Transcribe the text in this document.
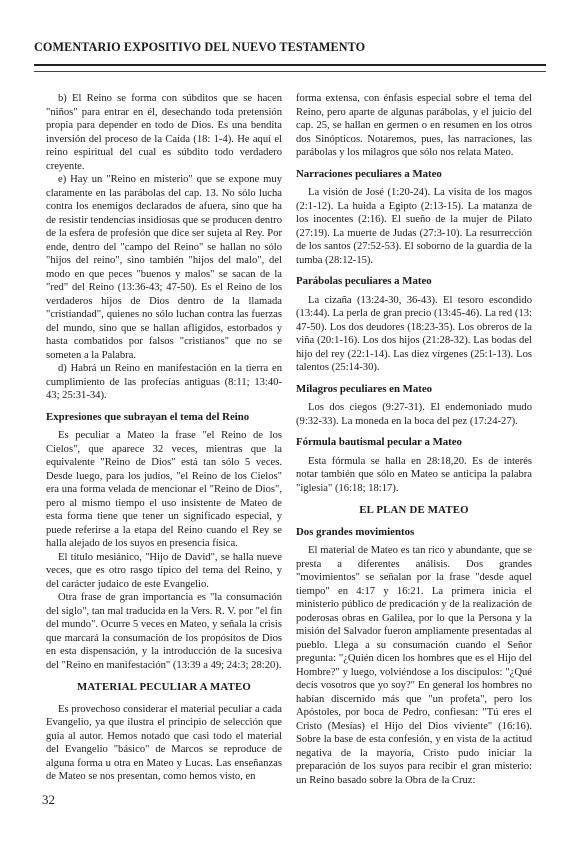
COMENTARIO EXPOSITIVO DEL NUEVO TESTAMENTO

b) El Reino se forma con súbditos que se hacen "niños" para entrar en él, desechando toda pretensión propia para depender en todo de Dios. Es una bendita inversión del proceso de la Caída (18: 1-4). He aquí el reino espiritual del cual es súbdito todo verdadero creyente.

e) Hay un "Reino en misterio" que se expone muy claramente en las parábolas del cap. 13. No sólo lucha contra los enemigos declarados de afuera, sino que ha de resistir tendencias insidiosas que se producen dentro de la esfera de profesión que dice ser sujeta al Rey. Por ende, dentro del "campo del Reino" se hallan no sólo "hijos del reino", sino también "hijos del malo", del modo en que peces "buenos y malos" se sacan de la "red" del Reino (13:36-43; 47-50). Es el Reino de los verdaderos hijos de Dios dentro de la llamada "cristiandad", quienes no sólo luchan contra las fuerzas del mundo, sino que se hallan afligidos, estorbados y hasta combatidos por falsos "cristianos" que no se someten a la Palabra.

d) Habrá un Reino en manifestación en la tierra en cumplimiento de las profecías antiguas (8:11; 13:40-43; 25:31-34).

Expresiones que subrayan el tema del Reino

Es peculiar a Mateo la frase "el Reino de los Cielos", que aparece 32 veces, mientras que la equivalente "Reino de Dios" está tan sólo 5 veces. Desde luego, para los judíos, "el Reino de los Cielos" era una forma velada de mencionar el "Reino de Dios", pero al mismo tiempo el uso insistente de Mateo de esta forma tiene que tener un significado especial, y puede referirse a la etapa del Reino cuando el Rey se halla alejado de los suyos en presencia física.

El título mesiánico, "Hijo de David", se halla nueve veces, que es otro rasgo típico del tema del Reino, y del carácter judaico de este Evangelio.

Otra frase de gran importancia es "la consumación del siglo", tan mal traducida en la Vers. R. V. por "el fin del mundo". Ocurre 5 veces en Mateo, y señala la crisis que marcará la consumación de los propósitos de Dios en esta dispensación, y la introducción de la sucesiva del "Reino en manifestación" (13:39 a 49; 24:3; 28:20).

MATERIAL PECULIAR A MATEO

Es provechoso considerar el material peculiar a cada Evangelio, ya que ilustra el principio de selección que guía al autor. Hemos notado que casi todo el material del Evangelio "básico" de Marcos se reproduce de alguna forma u otra en Mateo y Lucas. Las enseñanzas de Mateo se nos presentan, como hemos visto, en

forma extensa, con énfasis especial sobre el tema del Reino, pero aparte de algunas parábolas, y el juicio del cap. 25, se hallan en germen o en resumen en los otros dos Sinópticos. Notaremos, pues, las narraciones, las parábolas y los milagros que sólo nos relata Mateo.

Narraciones peculiares a Mateo

La visión de José (1:20-24). La visita de los magos (2:1-12). La huida a Egipto (2:13-15). La matanza de los inocentes (2:16). El sueño de la mujer de Pilato (27:19). La muerte de Judas (27:3-10). La resurrección de los santos (27:52-53). El soborno de la guardia de la tumba (28:12-15).

Parábolas peculiares a Mateo

La cizaña (13:24-30, 36-43). El tesoro escondido (13:44). La perla de gran precio (13:45-46). La red (13: 47-50). Los dos deudores (18:23-35). Los obreros de la viña (20:1-16). Los dos hijos (21:28-32). Las bodas del hijo del rey (22:1-14). Las diez vírgenes (25:1-13). Los talentos (25:14-30).

Milagros peculiares en Mateo

Los dos ciegos (9:27-31). El endemoniado mudo (9:32-33). La moneda en la boca del pez (17:24-27).

Fórmula bautismal pecular a Mateo

Esta fórmula se halla en 28:18,20. Es de interés notar también que sólo en Mateo se anticipa la palabra "iglesia" (16:18; 18:17).

EL PLAN DE MATEO
Dos grandes movimientos

El material de Mateo es tan rico y abundante, que se presta a diferentes análisis. Dos grandes "movimientos" se señalan por la frase "desde aquel tiempo" en 4:17 y 16:21. La primera inicia el ministerio público de predicación y de la realización de poderosas obras en Galilea, por lo que la Persona y la misión del Salvador fueron ampliamente presentadas al pueblo. Llega a su consumación cuando el Señor pregunta: "¿Quién dicen los hombres que es el Hijo del Hombre?" y luego, volviéndose a los discípulos: "¿Qué decís vosotros que yo soy?" En general los hombres no habían discernido más que "un profeta", pero los Apóstoles, por boca de Pedro, confiesan: "Tú eres el Cristo (Mesías) el Hijo del Dios viviente" (16:16). Sobre la base de esta confesión, y en vista de la actitud negativa de la mayoría, Cristo pudo iniciar la preparación de los suyos para recibir el gran misterio: un Reino basado sobre la Obra de la Cruz:

32
